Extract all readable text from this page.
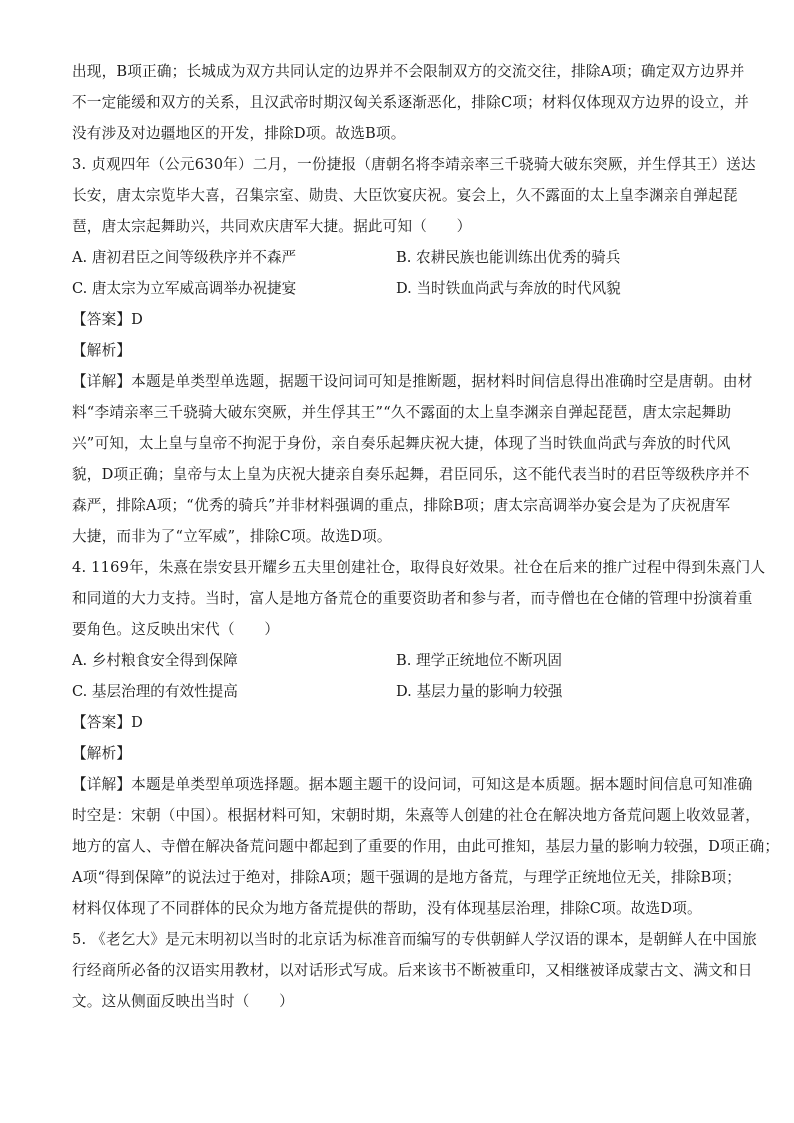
出现，B项正确；长城成为双方共同认定的边界并不会限制双方的交流交往，排除A项；确定双方边界并
不一定能缓和双方的关系，且汉武帝时期汉匈关系逐渐恶化，排除C项；材料仅体现双方边界的设立，并
没有涉及对边疆地区的开发，排除D项。故选B项。
3. 贞观四年（公元630年）二月，一份捷报（唐朝名将李靖亲率三千骁骑大破东突厥，并生俘其王）送达
长安，唐太宗览毕大喜，召集宗室、勋贵、大臣饮宴庆祝。宴会上，久不露面的太上皇李渊亲自弹起琵
琶，唐太宗起舞助兴，共同欢庆唐军大捷。据此可知（　　）
A. 唐初君臣之间等级秩序并不森严	B. 农耕民族也能训练出优秀的骑兵
C. 唐太宗为立军威高调举办祝捷宴	D. 当时铁血尚武与奔放的时代风貌
【答案】D
【解析】
【详解】本题是单类型单选题，据题干设问词可知是推断题，据材料时间信息得出准确时空是唐朝。由材
料“李靖亲率三千骁骑大破东突厥，并生俘其王”“久不露面的太上皇李渊亲自弹起琵琶，唐太宗起舞助
兴”可知，太上皇与皇帝不拘泥于身份，亲自奏乐起舞庆祝大捷，体现了当时铁血尚武与奔放的时代风
貌，D项正确；皇帝与太上皇为庆祝大捷亲自奏乐起舞，君臣同乐，这不能代表当时的君臣等级秩序并不
森严，排除A项；“优秀的骑兵”并非材料强调的重点，排除B项；唐太宗高调举办宴会是为了庆祝唐军
大捷，而非为了“立军威”，排除C项。故选D项。
4. 1169年，朱熹在崇安县开耀乡五夫里创建社仓，取得良好效果。社仓在后来的推广过程中得到朱熹门人
和同道的大力支持。当时，富人是地方备荒仓的重要资助者和参与者，而寺僧也在仓储的管理中扮演着重
要角色。这反映出宋代（　　）
A. 乡村粮食安全得到保障	B. 理学正统地位不断巩固
C. 基层治理的有效性提高	D. 基层力量的影响力较强
【答案】D
【解析】
【详解】本题是单类型单项选择题。据本题主题干的设问词，可知这是本质题。据本题时间信息可知准确
时空是：宋朝（中国）。根据材料可知，宋朝时期，朱熹等人创建的社仓在解决地方备荒问题上收效显著，
地方的富人、寺僧在解决备荒问题中都起到了重要的作用，由此可推知，基层力量的影响力较强，D项正确；
A项“得到保障”的说法过于绝对，排除A项；题干强调的是地方备荒，与理学正统地位无关，排除B项；
材料仅体现了不同群体的民众为地方备荒提供的帮助，没有体现基层治理，排除C项。故选D项。
5. 《老乞大》是元末明初以当时的北京话为标准音而编写的专供朝鲜人学汉语的课本，是朝鲜人在中国旅
行经商所必备的汉语实用教材，以对话形式写成。后来该书不断被重印，又相继被译成蒙古文、满文和日
文。这从侧面反映出当时（　　）
